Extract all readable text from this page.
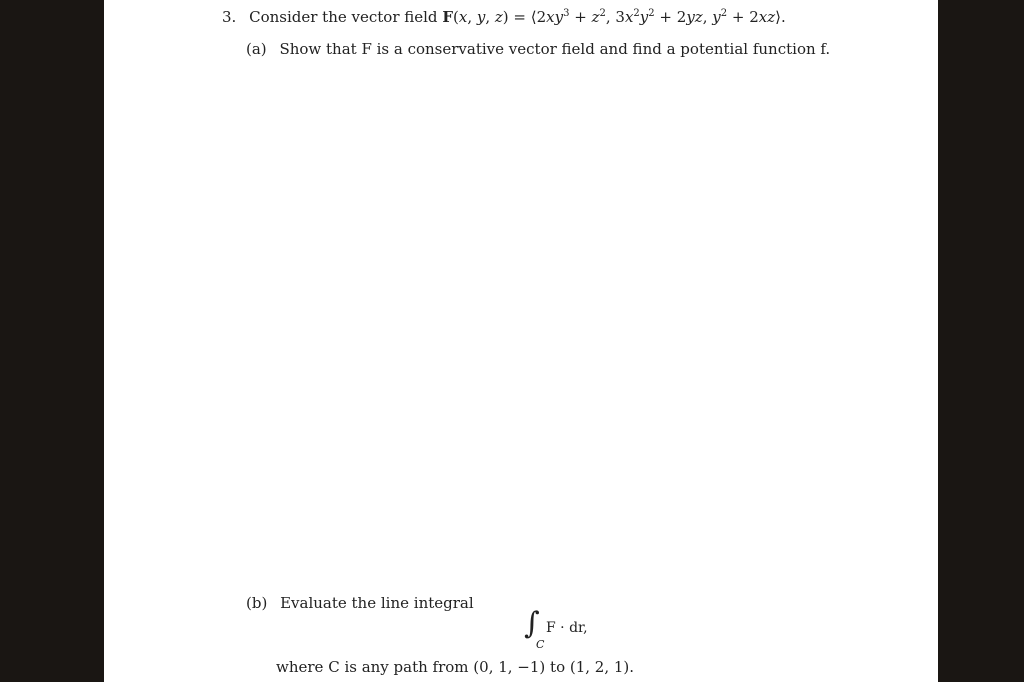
3. Consider the vector field F(x, y, $z) = ⟨2xy^3 + z^2$, $3x^2y^2 + 2yz$, $y^2$ + 2xz⟩.
(a) Show that F is a conservative vector field and find a potential function f.
(b) Evaluate the line integral
∫
C
F · dr,
where C is any path from (0, 1, −1) to (1, 2, 1).
